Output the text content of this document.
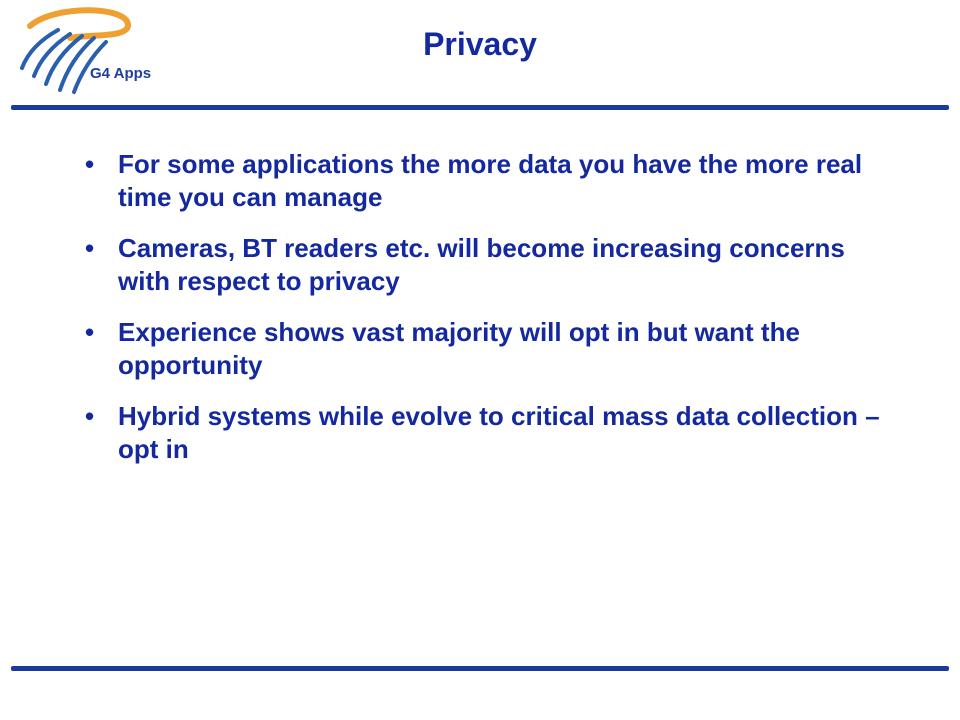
G4 Apps
Privacy
• For some applications the more data you have the more real time you can manage
• Cameras, BT readers etc. will become increasing concerns with respect to privacy
• Experience shows vast majority will opt in but want the opportunity
• Hybrid systems while evolve to critical mass data collection – opt in
